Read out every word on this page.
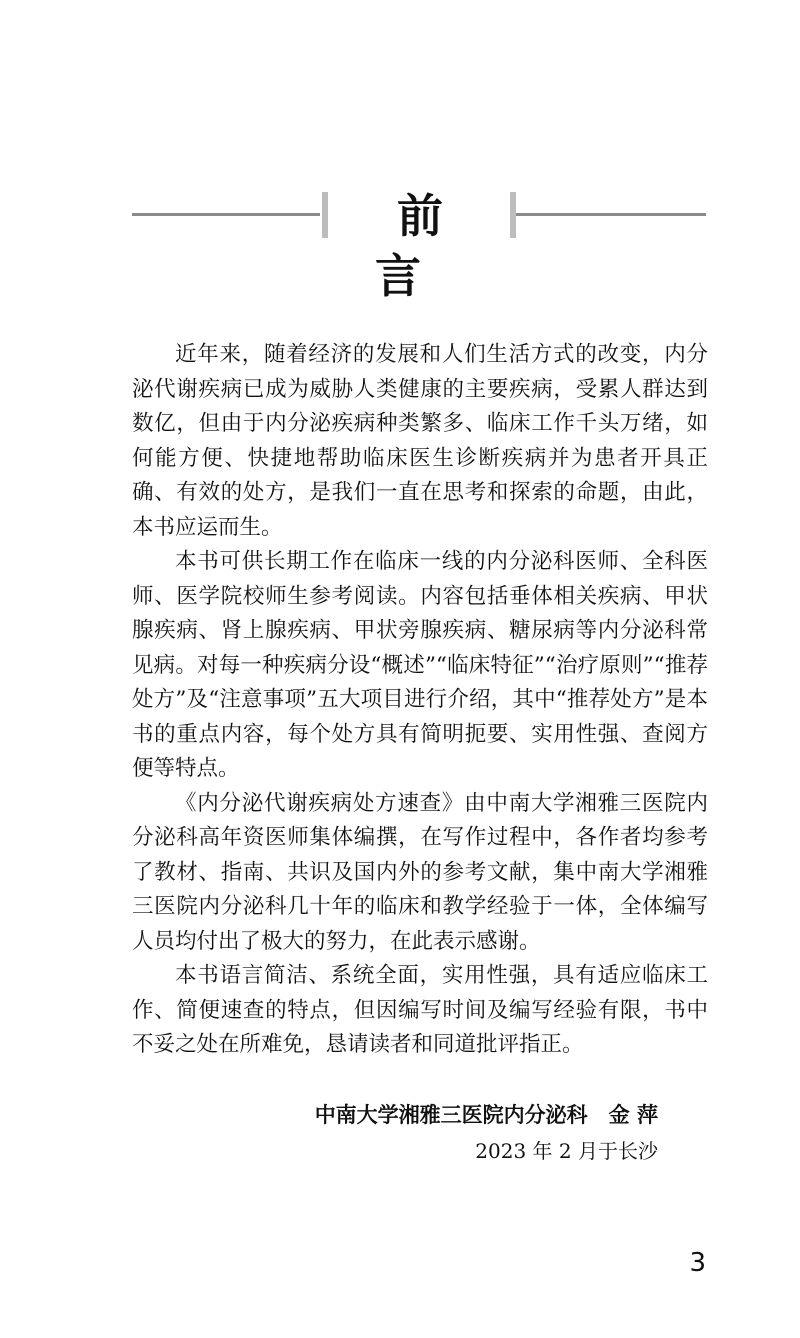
前言

近年来，随着经济的发展和人们生活方式的改变，内分泌代谢疾病已成为威胁人类健康的主要疾病，受累人群达到数亿，但由于内分泌疾病种类繁多、临床工作千头万绪，如何能方便、快捷地帮助临床医生诊断疾病并为患者开具正确、有效的处方，是我们一直在思考和探索的命题，由此，本书应运而生。

本书可供长期工作在临床一线的内分泌科医师、全科医师、医学院校师生参考阅读。内容包括垂体相关疾病、甲状腺疾病、肾上腺疾病、甲状旁腺疾病、糖尿病等内分泌科常见病。对每一种疾病分设“概述”“临床特征”“治疗原则”“推荐处方”及“注意事项”五大项目进行介绍，其中“推荐处方”是本书的重点内容，每个处方具有简明扼要、实用性强、查阅方便等特点。

《内分泌代谢疾病处方速查》由中南大学湘雅三医院内分泌科高年资医师集体编撰，在写作过程中，各作者均参考了教材、指南、共识及国内外的参考文献，集中南大学湘雅三医院内分泌科几十年的临床和教学经验于一体，全体编写人员均付出了极大的努力，在此表示感谢。

本书语言简洁、系统全面，实用性强，具有适应临床工作、简便速查的特点，但因编写时间及编写经验有限，书中不妥之处在所难免，恳请读者和同道批评指正。

中南大学湘雅三医院内分泌科　金 萍
2023 年 2 月于长沙
3
